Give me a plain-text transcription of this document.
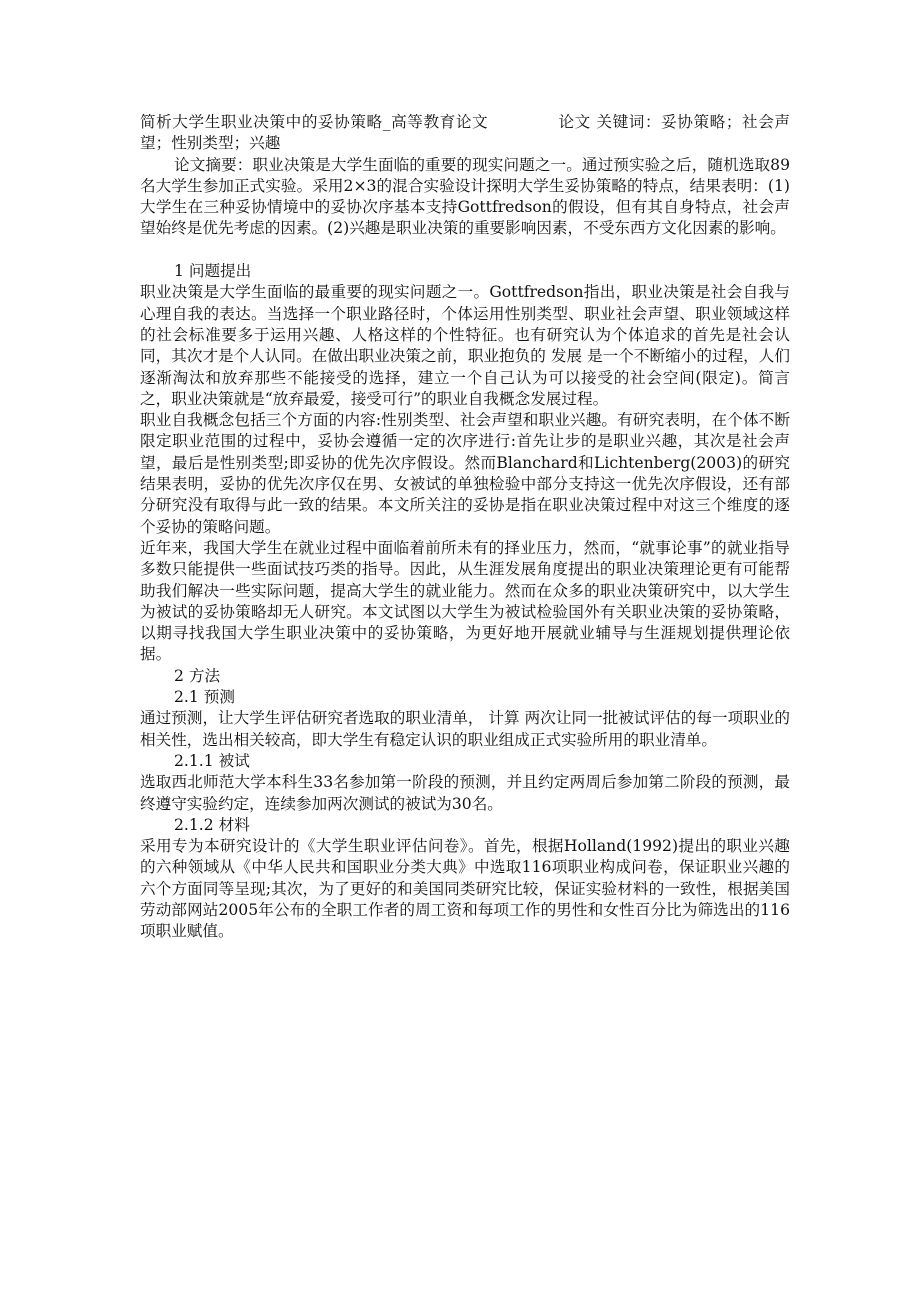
简析大学生职业决策中的妥协策略_高等教育论文　　　　 论文 关键词：妥协策略；社会声望；性别类型；兴趣

论文摘要：职业决策是大学生面临的重要的现实问题之一。通过预实验之后，随机选取89名大学生参加正式实验。采用2×3的混合实验设计探明大学生妥协策略的特点，结果表明：(1)大学生在三种妥协情境中的妥协次序基本支持Gottfredson的假设，但有其自身特点，社会声望始终是优先考虑的因素。(2)兴趣是职业决策的重要影响因素，不受东西方文化因素的影响。

1 问题提出

职业决策是大学生面临的最重要的现实问题之一。Gottfredson指出，职业决策是社会自我与心理自我的表达。当选择一个职业路径时，个体运用性别类型、职业社会声望、职业领域这样的社会标准要多于运用兴趣、人格这样的个性特征。也有研究认为个体追求的首先是社会认同，其次才是个人认同。在做出职业决策之前，职业抱负的 发展 是一个不断缩小的过程，人们逐渐淘汰和放弃那些不能接受的选择，建立一个自己认为可以接受的社会空间(限定)。简言之，职业决策就是“放弃最爱，接受可行”的职业自我概念发展过程。

职业自我概念包括三个方面的内容:性别类型、社会声望和职业兴趣。有研究表明，在个体不断限定职业范围的过程中，妥协会遵循一定的次序进行:首先让步的是职业兴趣，其次是社会声望，最后是性别类型;即妥协的优先次序假设。然而Blanchard和Lichtenberg(2003)的研究结果表明，妥协的优先次序仅在男、女被试的单独检验中部分支持这一优先次序假设，还有部分研究没有取得与此一致的结果。本文所关注的妥协是指在职业决策过程中对这三个维度的逐个妥协的策略问题。

近年来，我国大学生在就业过程中面临着前所未有的择业压力，然而，“就事论事”的就业指导多数只能提供一些面试技巧类的指导。因此，从生涯发展角度提出的职业决策理论更有可能帮助我们解决一些实际问题，提高大学生的就业能力。然而在众多的职业决策研究中，以大学生为被试的妥协策略却无人研究。本文试图以大学生为被试检验国外有关职业决策的妥协策略，以期寻找我国大学生职业决策中的妥协策略，为更好地开展就业辅导与生涯规划提供理论依据。

2 方法

2.1 预测

通过预测，让大学生评估研究者选取的职业清单， 计算 两次让同一批被试评估的每一项职业的相关性，选出相关较高，即大学生有稳定认识的职业组成正式实验所用的职业清单。

2.1.1 被试

选取西北师范大学本科生33名参加第一阶段的预测，并且约定两周后参加第二阶段的预测，最终遵守实验约定，连续参加两次测试的被试为30名。

2.1.2 材料

采用专为本研究设计的《大学生职业评估问卷》。首先，根据Holland(1992)提出的职业兴趣的六种领域从《中华人民共和国职业分类大典》中选取116项职业构成问卷，保证职业兴趣的六个方面同等呈现;其次，为了更好的和美国同类研究比较，保证实验材料的一致性，根据美国劳动部网站2005年公布的全职工作者的周工资和每项工作的男性和女性百分比为筛选出的116项职业赋值。
